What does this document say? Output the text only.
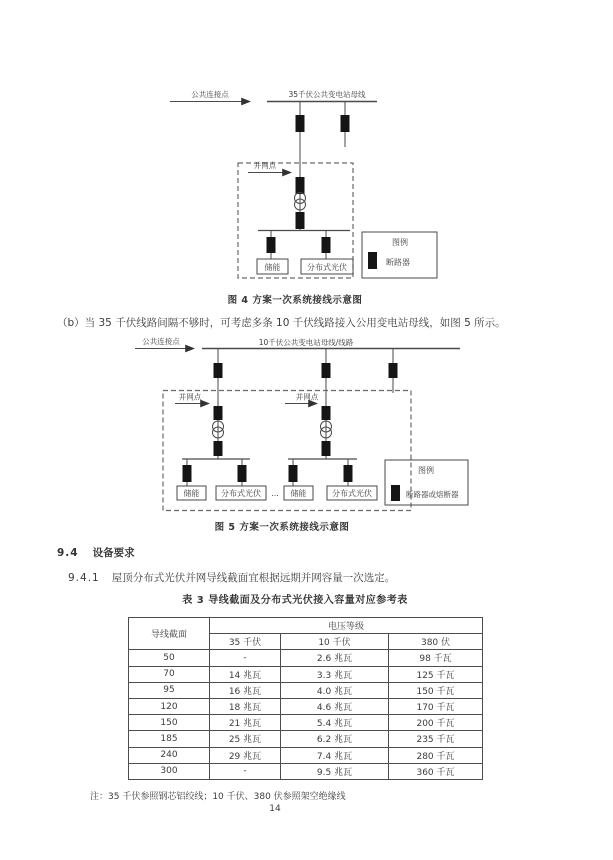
公共连接点	35千伏公共变电站母线
并网点
储能	分布式光伏
图例
断路器
图 4 方案一次系统接线示意图
（b）当 35 千伏线路间隔不够时，可考虑多条 10 千伏线路接入公用变电站母线，如图 5 所示。
公共连接点	10千伏公共变电站母线/线路
并网点	并网点
储能	分布式光伏 ... 储能	分布式光伏
图例
断路器或熔断器
图 5 方案一次系统接线示意图
9.4 设备要求
9.4.1 屋顶分布式光伏并网导线截面宜根据远期并网容量一次选定。
表 3 导线截面及分布式光伏接入容量对应参考表
导线截面	电压等级		
	35 千伏	10 千伏	380 伏
50	-	2.6 兆瓦	98 千瓦
70	14 兆瓦	3.3 兆瓦	125 千瓦
95	16 兆瓦	4.0 兆瓦	150 千瓦
120	18 兆瓦	4.6 兆瓦	170 千瓦
150	21 兆瓦	5.4 兆瓦	200 千瓦
185	25 兆瓦	6.2 兆瓦	235 千瓦
240	29 兆瓦	7.4 兆瓦	280 千瓦
300	-	9.5 兆瓦	360 千瓦
注：35 千伏参照钢芯铝绞线；10 千伏、380 伏参照架空绝缘线
14
